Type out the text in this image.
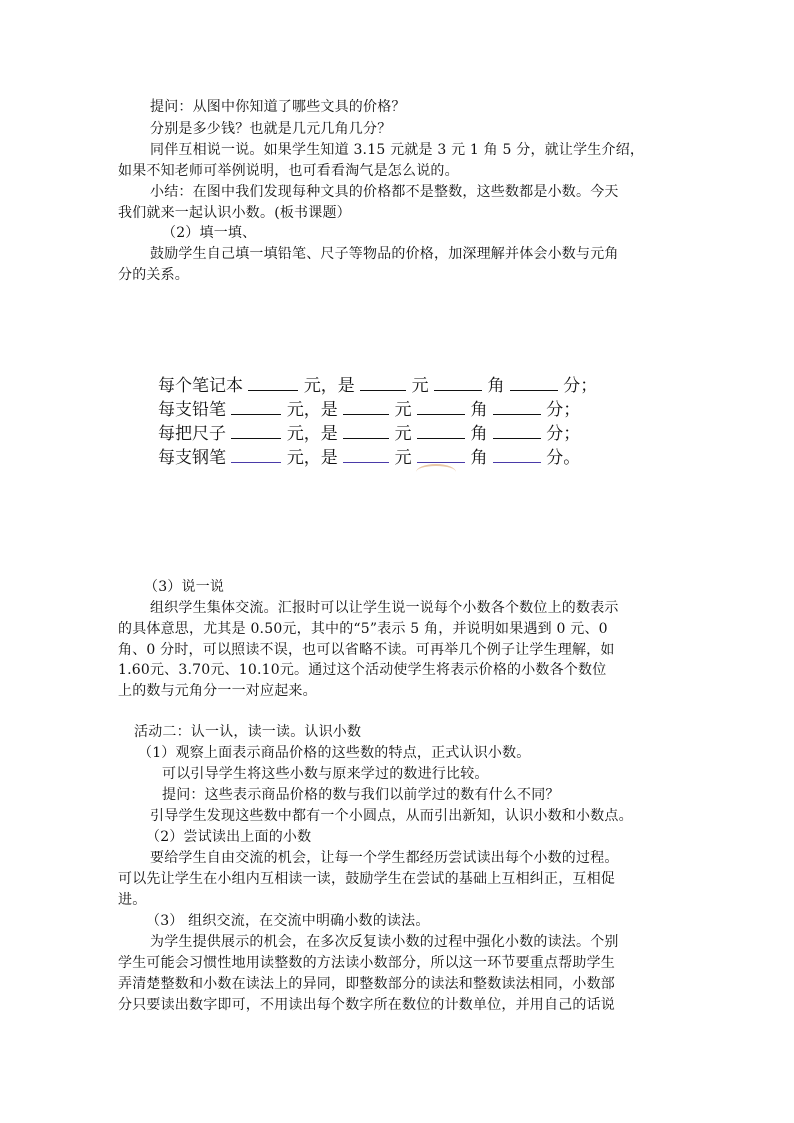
提问：从图中你知道了哪些文具的价格？
分别是多少钱？也就是几元几角几分？
同伴互相说一说。如果学生知道 3.15 元就是 3 元 1 角 5 分，就让学生介绍，
如果不知老师可举例说明，也可看看淘气是怎么说的。
小结：在图中我们发现每种文具的价格都不是整数，这些数都是小数。今天
我们就来一起认识小数。(板书课题）
（2）填一填、
鼓励学生自己填一填铅笔、尺子等物品的价格，加深理解并体会小数与元角
分的关系。
每个笔记本	元，是	元	角	分；
每支铅笔	元，是	元	角	分；
每把尺子	元，是	元	角	分；
每支钢笔	元，是	元	角	分。
（3）说一说
组织学生集体交流。汇报时可以让学生说一说每个小数各个数位上的数表示
的具体意思，尤其是 0.50元，其中的“5”表示 5 角，并说明如果遇到 0 元、0
角、0 分时，可以照读不误，也可以省略不读。可再举几个例子让学生理解，如
1.60元、3.70元、10.10元。通过这个活动使学生将表示价格的小数各个数位
上的数与元角分一一对应起来。
活动二：认一认，读一读。认识小数
（1）观察上面表示商品价格的这些数的特点，正式认识小数。
可以引导学生将这些小数与原来学过的数进行比较。
提问：这些表示商品价格的数与我们以前学过的数有什么不同？
引导学生发现这些数中都有一个小圆点，从而引出新知，认识小数和小数点。
（2）尝试读出上面的小数
要给学生自由交流的机会，让每一个学生都经历尝试读出每个小数的过程。
可以先让学生在小组内互相读一读，鼓励学生在尝试的基础上互相纠正，互相促
进。
（3） 组织交流，在交流中明确小数的读法。
为学生提供展示的机会，在多次反复读小数的过程中强化小数的读法。个别
学生可能会习惯性地用读整数的方法读小数部分，所以这一环节要重点帮助学生
弄清楚整数和小数在读法上的异同，即整数部分的读法和整数读法相同，小数部
分只要读出数字即可，不用读出每个数字所在数位的计数单位，并用自己的话说
